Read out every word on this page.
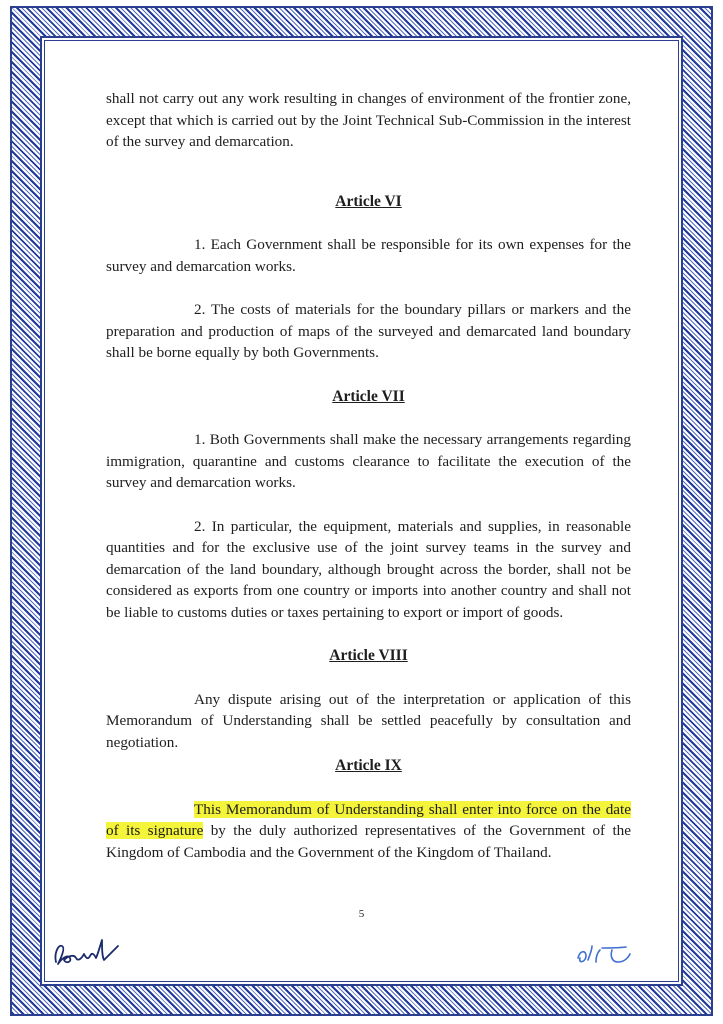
shall not carry out any work resulting in changes of environment of the frontier zone, except that which is carried out by the Joint Technical Sub-Commission in the interest of the survey and demarcation.

Article VI

1. Each Government shall be responsible for its own expenses for the survey and demarcation works.

2. The costs of materials for the boundary pillars or markers and the preparation and production of maps of the surveyed and demarcated land boundary shall be borne equally by both Governments.

Article VII

1. Both Governments shall make the necessary arrangements regarding immigration, quarantine and customs clearance to facilitate the execution of the survey and demarcation works.

2. In particular, the equipment, materials and supplies, in reasonable quantities and for the exclusive use of the joint survey teams in the survey and demarcation of the land boundary, although brought across the border, shall not be considered as exports from one country or imports into another country and shall not be liable to customs duties or taxes pertaining to export or import of goods.

Article VIII

Any dispute arising out of the interpretation or application of this Memorandum of Understanding shall be settled peacefully by consultation and negotiation.

Article IX

This Memorandum of Understanding shall enter into force on the date of its signature by the duly authorized representatives of the Government of the Kingdom of Cambodia and the Government of the Kingdom of Thailand.

5
